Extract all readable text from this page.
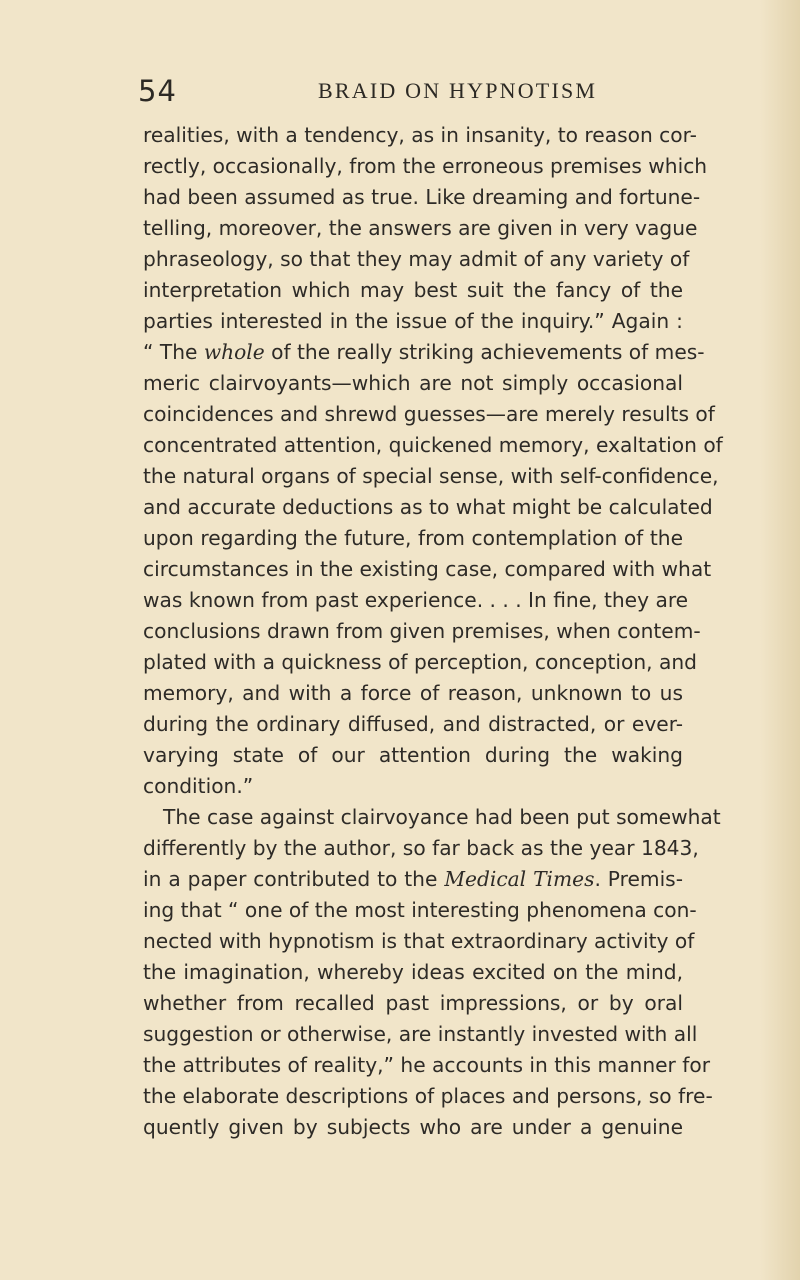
54	BRAID ON HYPNOTISM
realities, with a tendency, as in insanity, to reason cor-
rectly, occasionally, from the erroneous premises which
had been assumed as true. Like dreaming and fortune-
telling, moreover, the answers are given in very vague
phraseology, so that they may admit of any variety of
interpretation which may best suit the fancy of the
parties interested in the issue of the inquiry.” Again :
“ The whole of the really striking achievements of mes-
meric clairvoyants—which are not simply occasional
coincidences and shrewd guesses—are merely results of
concentrated attention, quickened memory, exaltation of
the natural organs of special sense, with self-confidence,
and accurate deductions as to what might be calculated
upon regarding the future, from contemplation of the
circumstances in the existing case, compared with what
was known from past experience. . . . In fine, they are
conclusions drawn from given premises, when contem-
plated with a quickness of perception, conception, and
memory, and with a force of reason, unknown to us
during the ordinary diffused, and distracted, or ever-
varying state of our attention during the waking
condition.”
The case against clairvoyance had been put somewhat
differently by the author, so far back as the year 1843,
in a paper contributed to the Medical Times. Premis-
ing that “ one of the most interesting phenomena con-
nected with hypnotism is that extraordinary activity of
the imagination, whereby ideas excited on the mind,
whether from recalled past impressions, or by oral
suggestion or otherwise, are instantly invested with all
the attributes of reality,” he accounts in this manner for
the elaborate descriptions of places and persons, so fre-
quently given by subjects who are under a genuine
